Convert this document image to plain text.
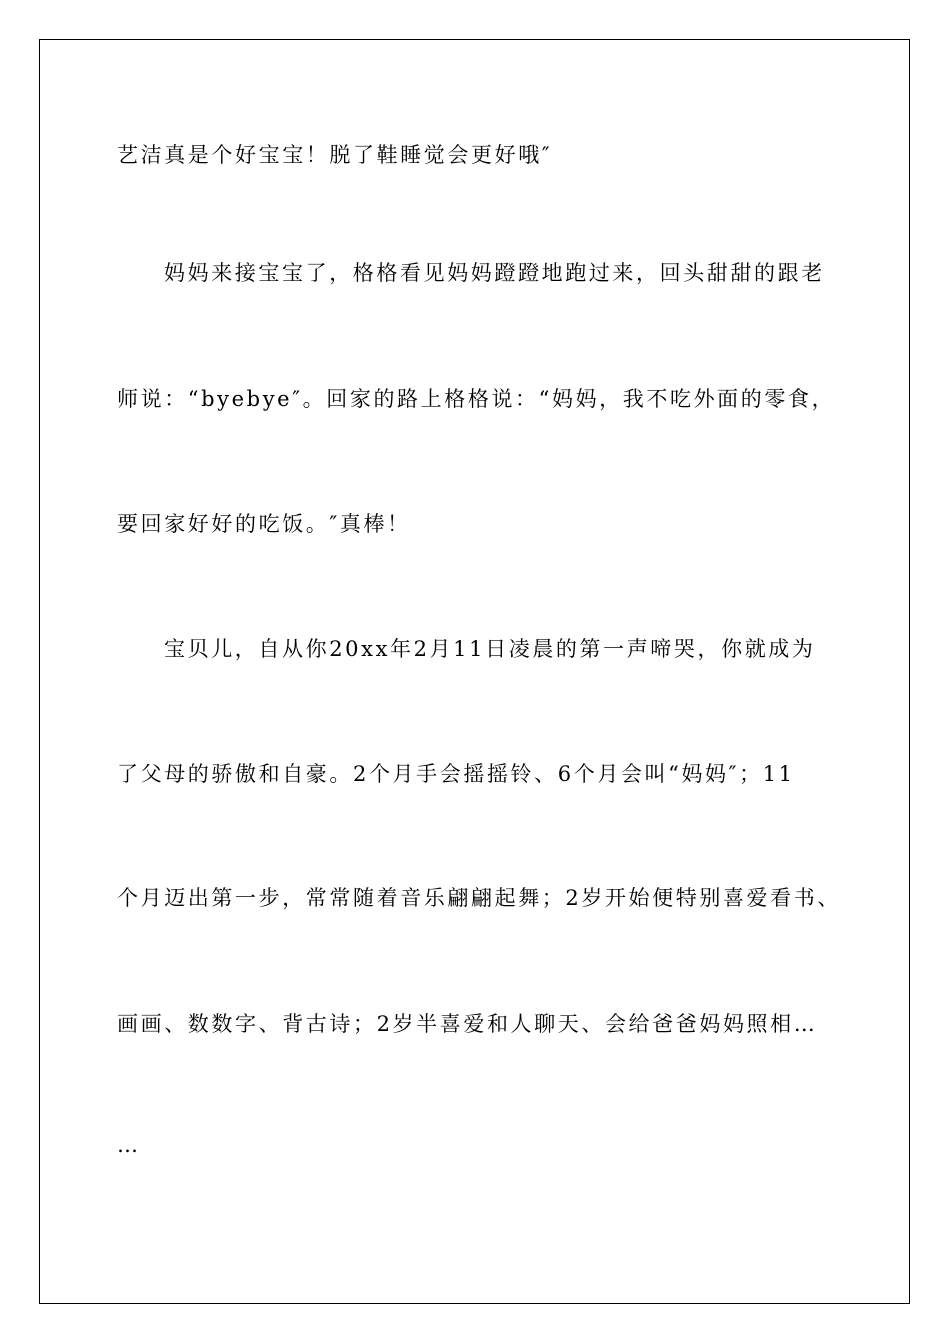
艺洁真是个好宝宝！脱了鞋睡觉会更好哦″
妈妈来接宝宝了，格格看见妈妈蹬蹬地跑过来，回头甜甜的跟老
师说：“byebye″。回家的路上格格说：“妈妈，我不吃外面的零食，
要回家好好的吃饭。″真棒！
宝贝儿，自从你20xx年2月11日凌晨的第一声啼哭，你就成为
了父母的骄傲和自豪。2个月手会摇摇铃、6个月会叫“妈妈″；11
个月迈出第一步，常常随着音乐翩翩起舞；2岁开始便特别喜爱看书、
画画、数数字、背古诗；2岁半喜爱和人聊天、会给爸爸妈妈照相…
…
